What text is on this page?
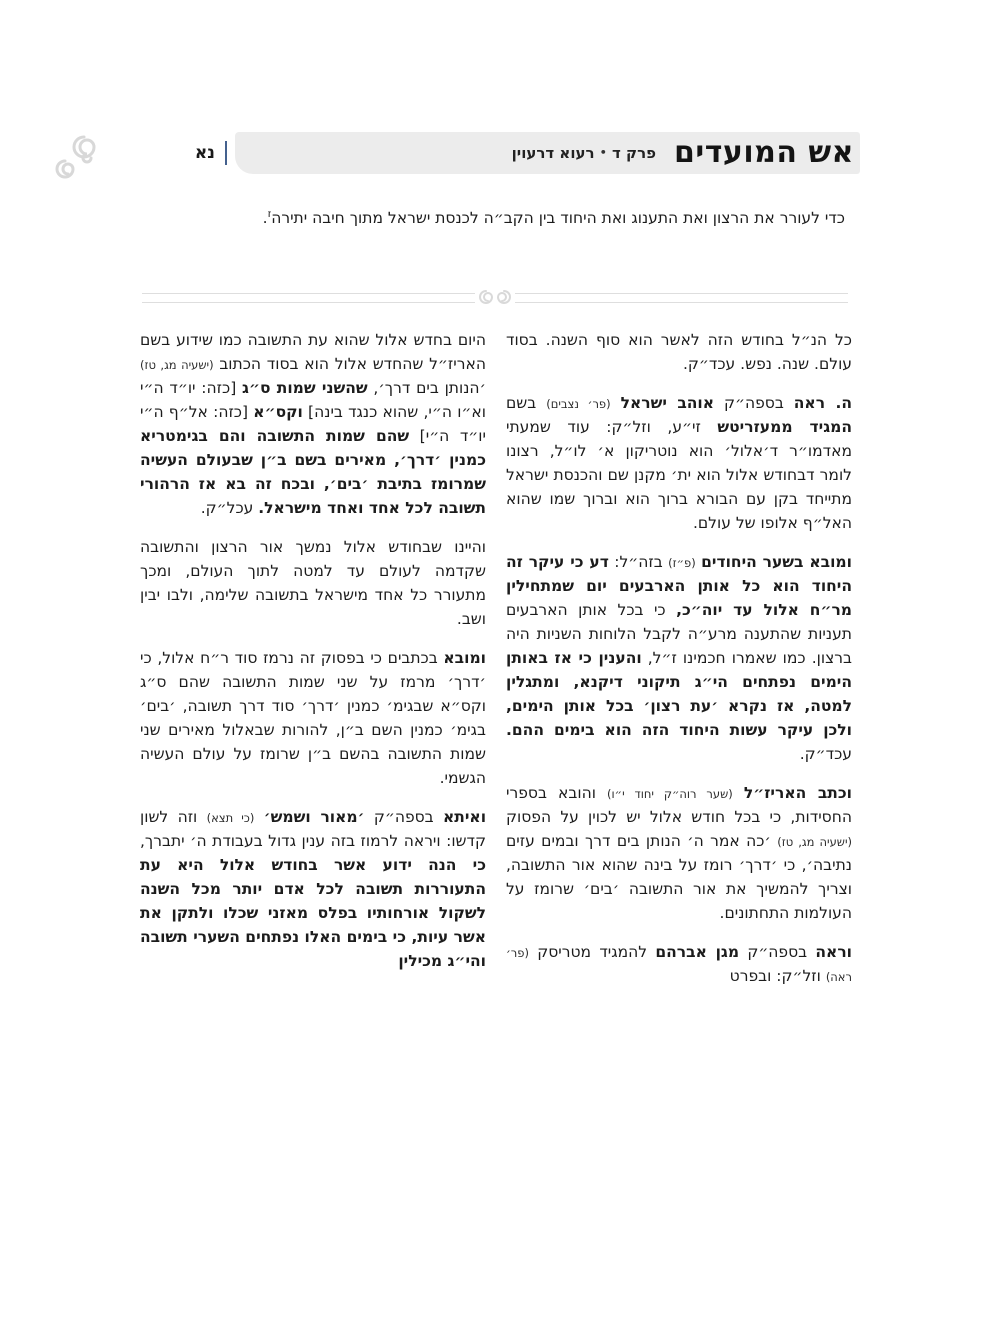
אש המועדים
פרק ד • רעוא דרעוין
נא
כדי לעורר את הרצון ואת התענוג ואת היחוד בין הקב״ה לכנסת ישראל מתוך חיבה יתירה$^ז$.

כל הנ״ל בחודש הזה לאשר הוא סוף השנה. בסוד עולם. שנה. נפש. עכד״ק.

ה. ראה בספה״ק אוהב ישראל (פר׳ נצבים) בשם המגיד ממעזריטש זי״ע, וזל״ק: עוד שמעתי מאדמו״ר ד׳אלול׳ הוא נוטריקון א׳ לו״ל, רצונו לומר דבחודש אלול הוא ית׳ מקנן שם והכנסת ישראל מתייחד בקן עם הבורא ברוך הוא וברוך שמו שהוא האל״ף אלופו של עולם.

ומובא בשער היחודים (פ״ז) בזה״ל: דע כי עיקר זה היחוד הוא כל אותן הארבעים יום שמתחילין מר״ח אלול עד יוה״כ, כי בכל אותן הארבעים תעניות שהתענה מרע״ה לקבל הלוחות השניות היה ברצון. כמו שאמרו חכמינו ז״ל, והענין כי אז באותן הימים נפתחים הי״ג תיקוני דיקנא, ומתגלין למטה, אז נקרא ׳עת רצון׳ בכל אותן הימים, ולכן עיקר עשות היחוד הזה הוא בימים ההם. עכד״ק.

וכתב האריז״ל (שער רוה״ק יחוד י״ו) והובא בספרי החסידות, כי בכל חודש אלול יש לכוין על הפסוק (ישעיה מג, טז) ׳כה אמר ה׳ הנותן בים דרך ובמים עזים נתיבה׳, כי ׳דרך׳ רומז על בינה שהוא אור התשובה, וצריך להמשיך את אור התשובה ׳בים׳ שרומז על העולמות התחתונים.

וראה בספה״ק מגן אברהם להמגיד מטריסק (פר׳ ראה) וזל״ק: ובפרט

היום בחדש אלול שהוא עת התשובה כמו שידוע בשם האריז״ל שהחדש אלול הוא בסוד הכתוב (ישעיה מג, טז) ׳הנותן בים דרך׳, שהשני שמות ס״ג [כזה: יו״ד ה״י וא״ו ה״י, שהוא כנגד בינה] וקס״א [כזה: אל״ף ה״י יו״ד ה״י] שהם שמות התשובה והם בגימטריא כמנין ׳דרך׳, מאירים בשם ב״ן שבעולם העשיה שמרומז בתיבת ׳בים׳, ובכח זה בא אז הרהורי תשובה לכל אחד ואחד מישראל. עכל״ק.

והיינו שבחודש אלול נמשך אור הרצון והתשובה שקדמה לעולם עד למטה לתוך העולם, ומכך מתעורר כל אחד מישראל בתשובה שלימה, ולבו יבין ושב.

ומובא בכתבים כי בפסוק זה נרמז סוד ר״ח אלול, כי ׳דרך׳ מרמז על שני שמות התשובה שהם ס״ג וקס״א שבגימ׳ כמנין ׳דרך׳ סוד דרך תשובה, ׳בים׳ בגימ׳ כמנין השם ב״ן, להורות שבאלול מאירים שני שמות התשובה בהשם ב״ן שרומז על עולם העשיה הגשמי.

ואיתא בספה״ק ׳מאור ושמש׳ (כי תצא) וזה לשון קדשו: ויראה לרמוז בזה ענין גדול בעבודת ה׳ יתברך, כי הנה ידוע אשר בחודש אלול היא עת התעוררות תשובה לכל אדם יותר מכל השנה לשקול אורחותיו בפלס מאזני שכלו ולתקן את אשר עיות, כי בימים האלו נפתחים השערי תשובה והי״ג מכילין
